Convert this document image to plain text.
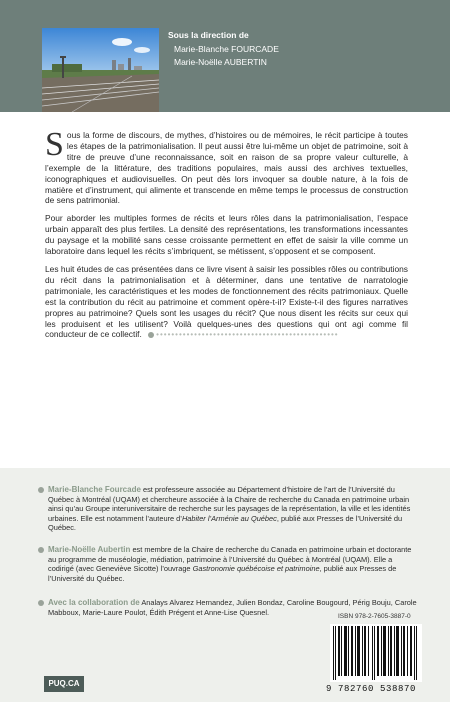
Sous la direction de
Marie-Blanche FOURCADE
Marie-Noëlle AUBERTIN

Sous la forme de discours, de mythes, d’histoires ou de mémoires, le récit participe à toutes les étapes de la patrimonialisation. Il peut aussi être lui-même un objet de patrimoine, soit à titre de preuve d’une reconnaissance, soit en raison de sa propre valeur culturelle, à l’exemple de la littérature, des traditions populaires, mais aussi des archives textuelles, iconographiques et audiovisuelles. On peut dès lors invoquer sa double nature, à la fois de matière et d’instrument, qui alimente et transcende en même temps le processus de construction de sens patrimonial.

Pour aborder les multiples formes de récits et leurs rôles dans la patrimonialisation, l’espace urbain apparaît des plus fertiles. La densité des représentations, les transformations incessantes du paysage et la mobilité sans cesse croissante permettent en effet de saisir la ville comme un laboratoire dans lequel les récits s’imbriquent, se métissent, s’opposent et se composent.

Les huit études de cas présentées dans ce livre visent à saisir les possibles rôles ou contributions du récit dans la patrimonialisation et à déterminer, dans une tentative de narratologie patrimoniale, les caractéristiques et les modes de fonctionnement des récits patrimoniaux. Quelle est la contribution du récit au patrimoine et comment opère-t-il? Existe-t-il des figures narratives propres au patrimoine? Quels sont les usages du récit? Que nous disent les récits sur ceux qui les produisent et les utilisent? Voilà quelques-unes des questions qui ont agi comme fil conducteur de ce collectif. ••••••••••••••••••••••••••••••••••••••••••••••••

Marie-Blanche Fourcade est professeure associée au Département d’histoire de l’art de l’Université du Québec à Montréal (UQAM) et chercheure associée à la Chaire de recherche du Canada en patrimoine urbain ainsi qu’au Groupe interuniversitaire de recherche sur les paysages de la représentation, la ville et les identités urbaines. Elle est notamment l’auteure d’Habiter l’Arménie au Québec, publié aux Presses de l’Université du Québec.
Marie-Noëlle Aubertin est membre de la Chaire de recherche du Canada en patrimoine urbain et doctorante au programme de muséologie, médiation, patrimoine à l’Université du Québec à Montréal (UQAM). Elle a codirigé (avec Geneviève Sicotte) l’ouvrage Gastronomie québécoise et patrimoine, publié aux Presses de l’Université du Québec.
Avec la collaboration de Analays Alvarez Hernandez, Julien Bondaz, Caroline Bougourd, Périg Bouju, Carole Mabboux, Marie-Laure Poulot, Édith Prégent et Anne-Lise Quesnel.	ISBN 978-2-7605-3887-0
9 782760 538870
PUQ.CA
